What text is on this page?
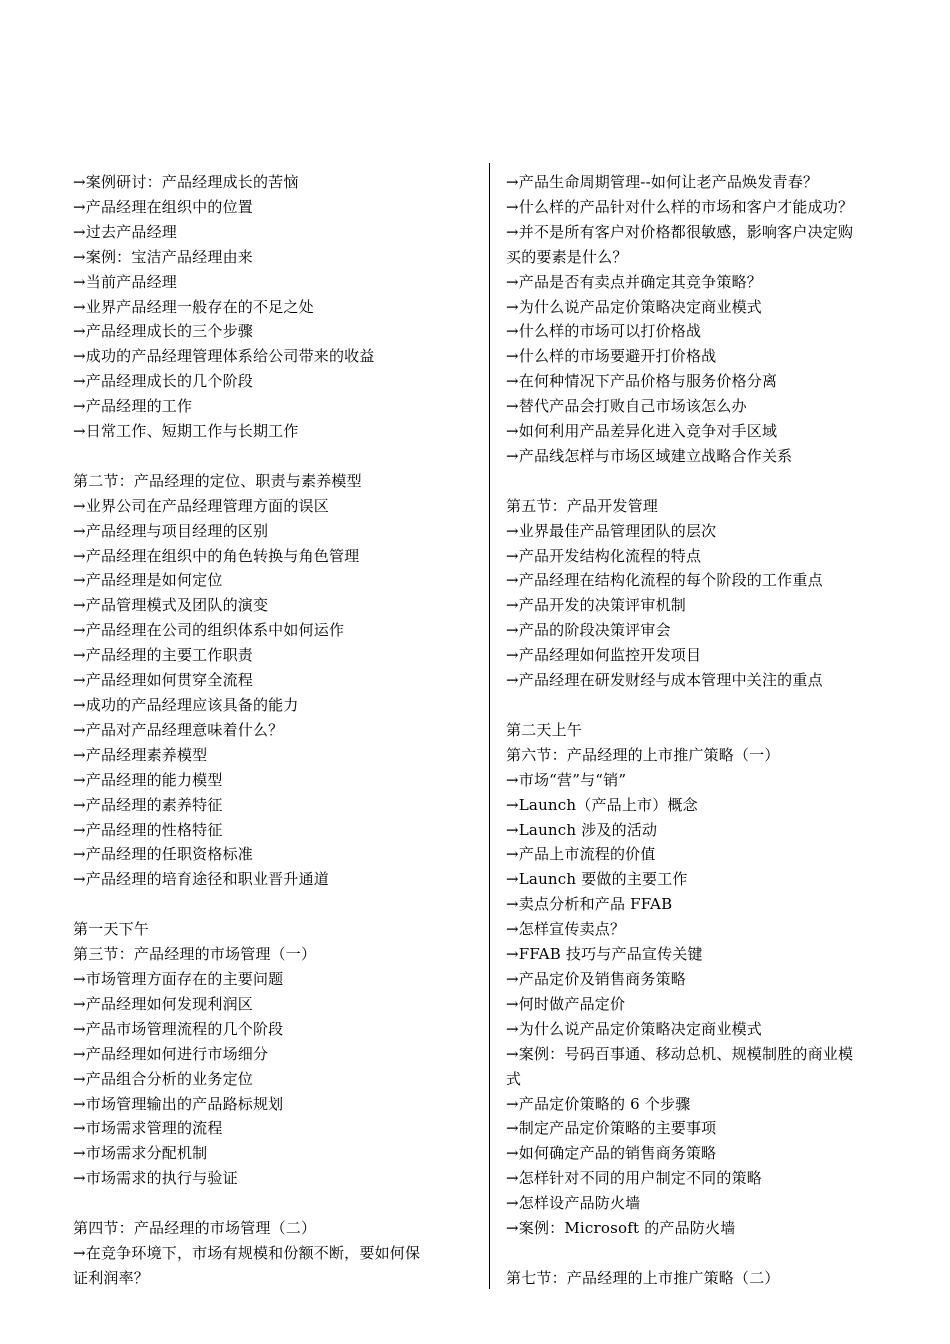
→案例研讨：产品经理成长的苦恼
→产品经理在组织中的位置
→过去产品经理
→案例：宝洁产品经理由来
→当前产品经理
→业界产品经理一般存在的不足之处
→产品经理成长的三个步骤
→成功的产品经理管理体系给公司带来的收益
→产品经理成长的几个阶段
→产品经理的工作
→日常工作、短期工作与长期工作
第二节：产品经理的定位、职责与素养模型
→业界公司在产品经理管理方面的误区
→产品经理与项目经理的区别
→产品经理在组织中的角色转换与角色管理
→产品经理是如何定位
→产品管理模式及团队的演变
→产品经理在公司的组织体系中如何运作
→产品经理的主要工作职责
→产品经理如何贯穿全流程
→成功的产品经理应该具备的能力
→产品对产品经理意味着什么？
→产品经理素养模型
→产品经理的能力模型
→产品经理的素养特征
→产品经理的性格特征
→产品经理的任职资格标准
→产品经理的培育途径和职业晋升通道
第一天下午
第三节：产品经理的市场管理（一）
→市场管理方面存在的主要问题
→产品经理如何发现利润区
→产品市场管理流程的几个阶段
→产品经理如何进行市场细分
→产品组合分析的业务定位
→市场管理输出的产品路标规划
→市场需求管理的流程
→市场需求分配机制
→市场需求的执行与验证
第四节：产品经理的市场管理（二）
→在竞争环境下，市场有规模和份额不断，要如何保
证利润率？
→产品生命周期管理--如何让老产品焕发青春？
→什么样的产品针对什么样的市场和客户才能成功？
→并不是所有客户对价格都很敏感，影响客户决定购
买的要素是什么？
→产品是否有卖点并确定其竞争策略？
→为什么说产品定价策略决定商业模式
→什么样的市场可以打价格战
→什么样的市场要避开打价格战
→在何种情况下产品价格与服务价格分离
→替代产品会打败自己市场该怎么办
→如何利用产品差异化进入竞争对手区域
→产品线怎样与市场区域建立战略合作关系
第五节：产品开发管理
→业界最佳产品管理团队的层次
→产品开发结构化流程的特点
→产品经理在结构化流程的每个阶段的工作重点
→产品开发的决策评审机制
→产品的阶段决策评审会
→产品经理如何监控开发项目
→产品经理在研发财经与成本管理中关注的重点
第二天上午
第六节：产品经理的上市推广策略（一）
→市场“营”与“销”
→Launch（产品上市）概念
→Launch 涉及的活动
→产品上市流程的价值
→Launch 要做的主要工作
→卖点分析和产品 FFAB
→怎样宣传卖点？
→FFAB 技巧与产品宣传关键
→产品定价及销售商务策略
→何时做产品定价
→为什么说产品定价策略决定商业模式
→案例：号码百事通、移动总机、规模制胜的商业模
式
→产品定价策略的 6 个步骤
→制定产品定价策略的主要事项
→如何确定产品的销售商务策略
→怎样针对不同的用户制定不同的策略
→怎样设产品防火墙
→案例：Microsoft 的产品防火墙
第七节：产品经理的上市推广策略（二）
